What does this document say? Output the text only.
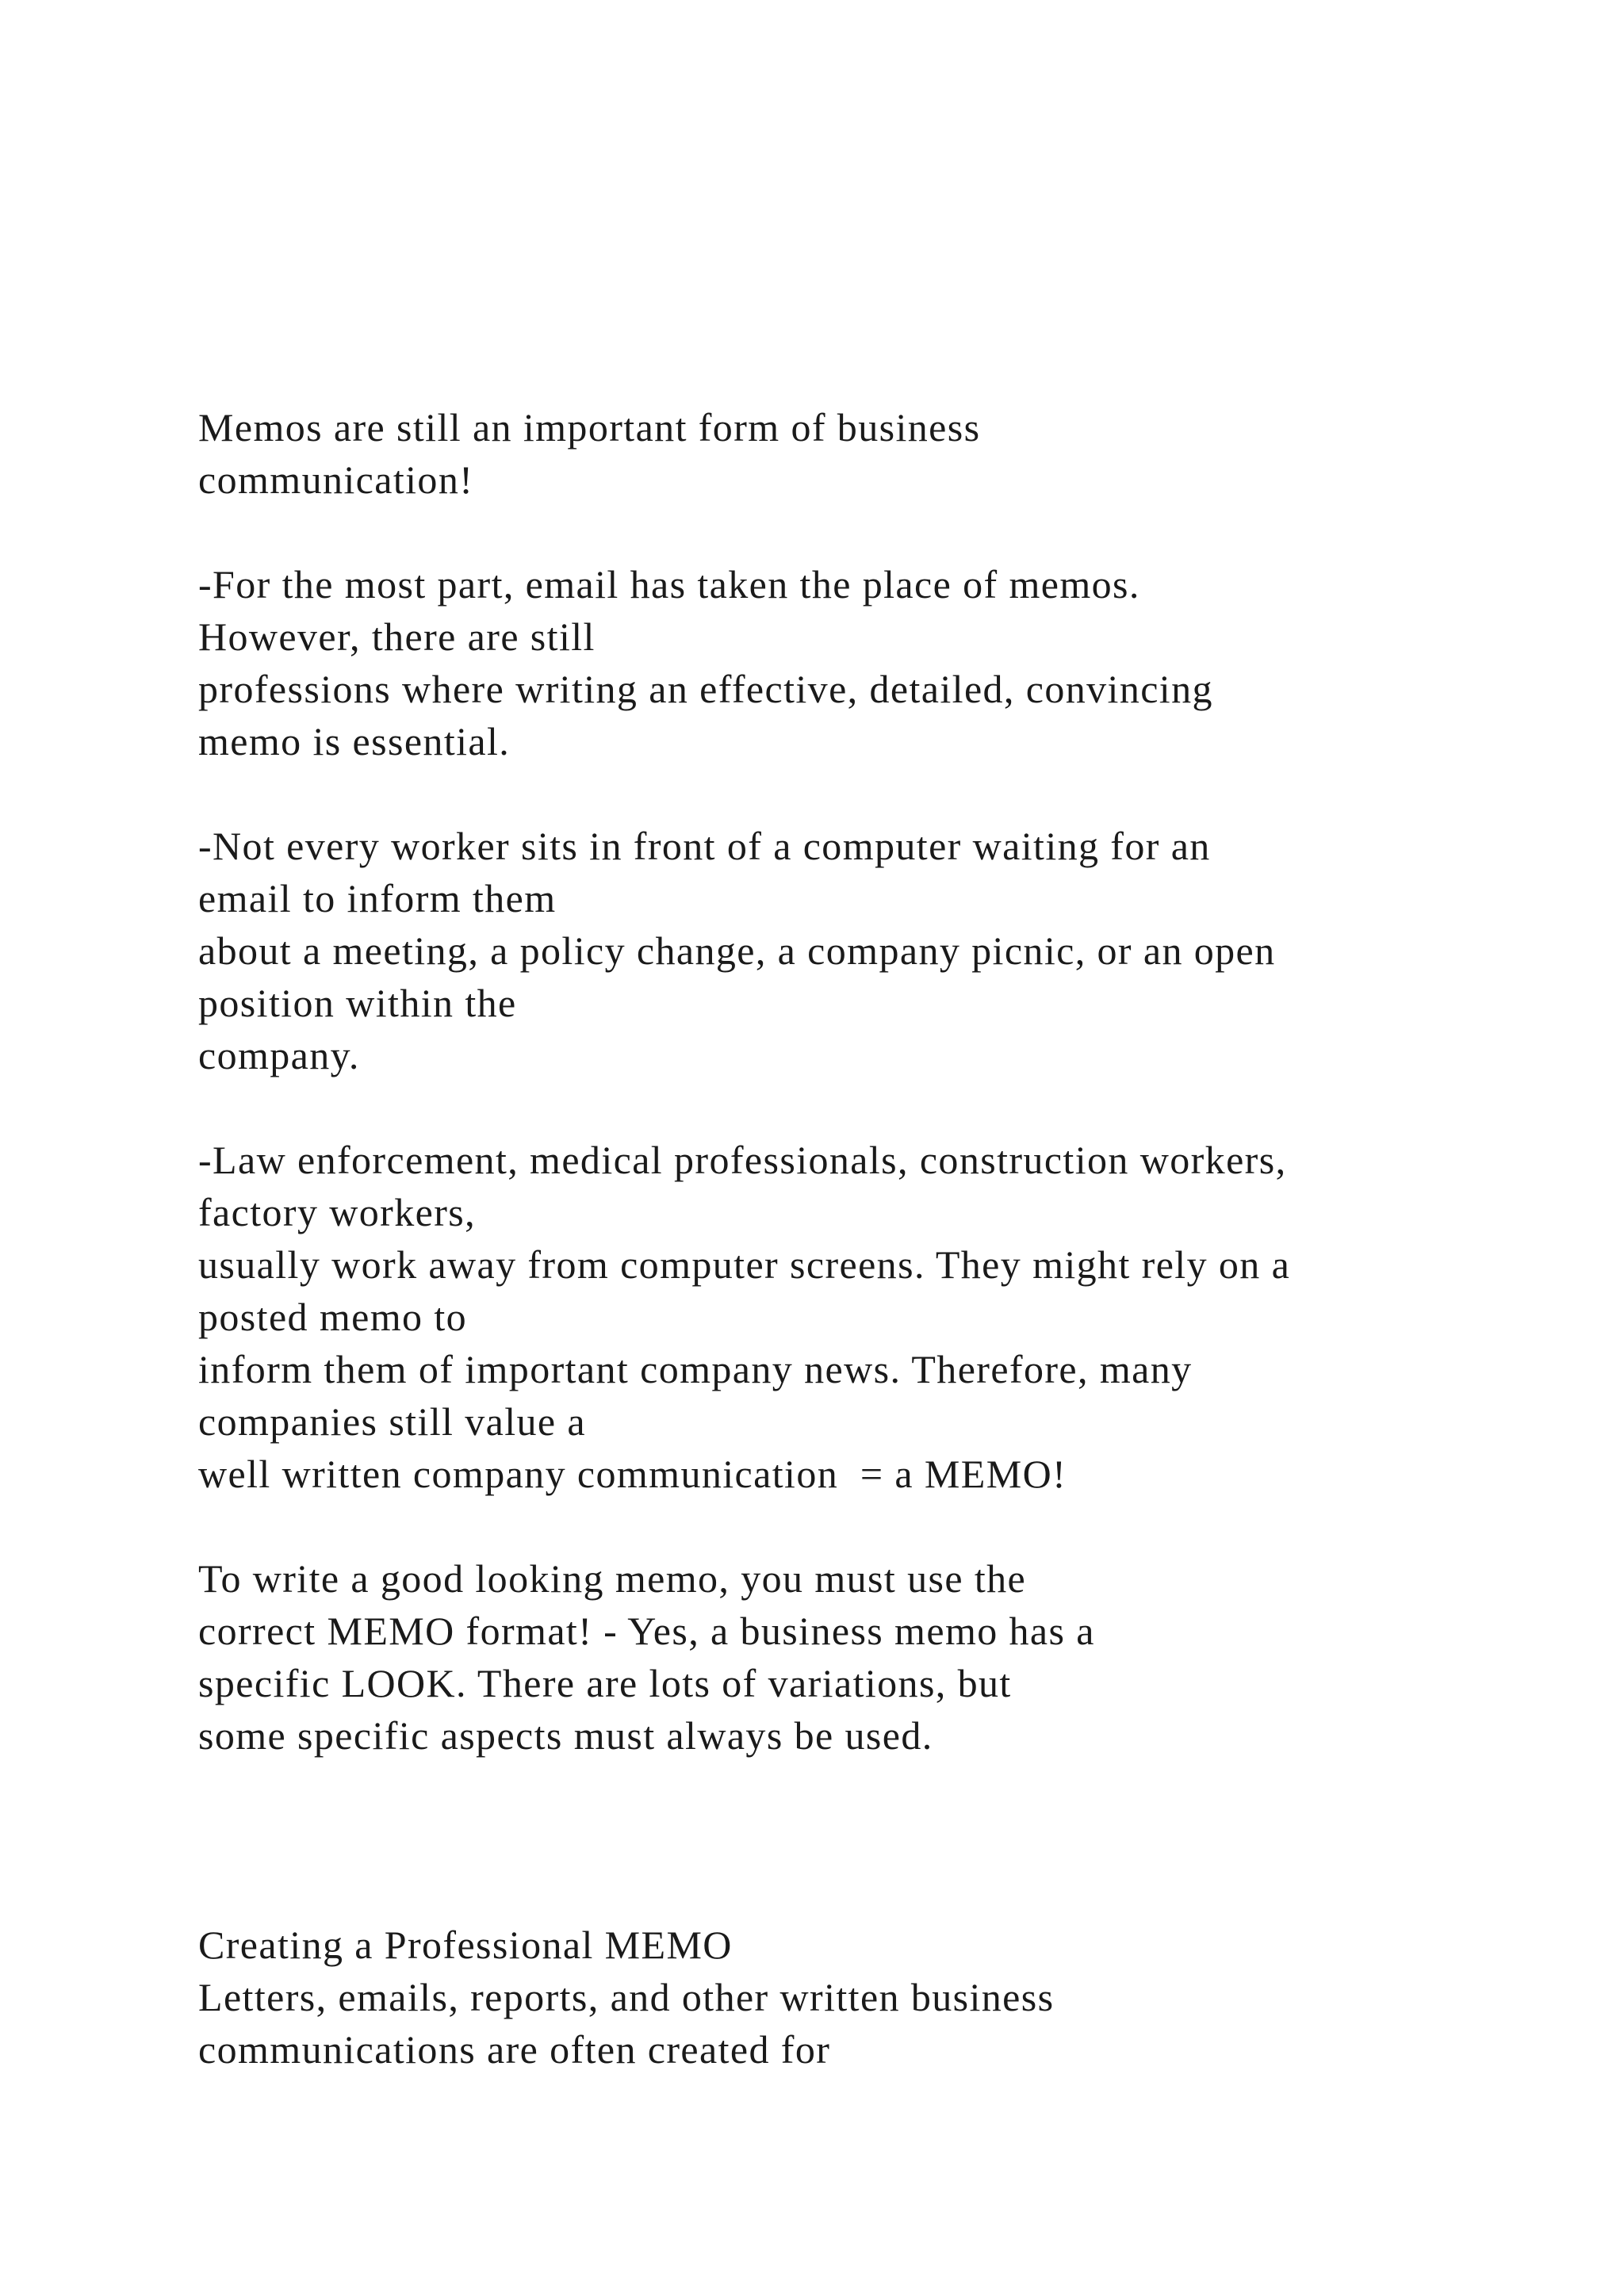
Memos are still an important form of business
communication!
-For the most part, email has taken the place of memos.
However, there are still
professions where writing an effective, detailed, convincing
memo is essential.
-Not every worker sits in front of a computer waiting for an
email to inform them
about a meeting, a policy change, a company picnic, or an open
position within the
company.
-Law enforcement, medical professionals, construction workers,
factory workers,
usually work away from computer screens. They might rely on a
posted memo to
inform them of important company news. Therefore, many
companies still value a
well written company communication  = a MEMO!
To write a good looking memo, you must use the
correct MEMO format! - Yes, a business memo has a
specific LOOK. There are lots of variations, but
some specific aspects must always be used.
Creating a Professional MEMO
Letters, emails, reports, and other written business
communications are often created for
